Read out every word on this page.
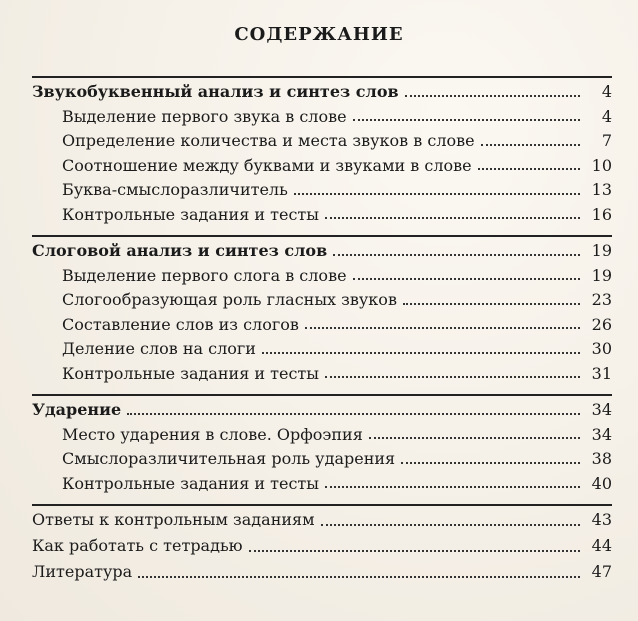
СОДЕРЖАНИЕ
Звукобуквенный анализ и синтез слов	4
Выделение первого звука в слове	4
Определение количества и места звуков в слове	7
Соотношение между буквами и звуками в слове	10
Буква-смыслоразличитель	13
Контрольные задания и тесты	16
Слоговой анализ и синтез слов	19
Выделение первого слога в слове	19
Слогообразующая роль гласных звуков	23
Составление слов из слогов	26
Деление слов на слоги	30
Контрольные задания и тесты	31
Ударение	34
Место ударения в слове. Орфоэпия	34
Смыслоразличительная роль ударения	38
Контрольные задания и тесты	40
Ответы к контрольным заданиям	43
Как работать с тетрадью	44
Литература	47
